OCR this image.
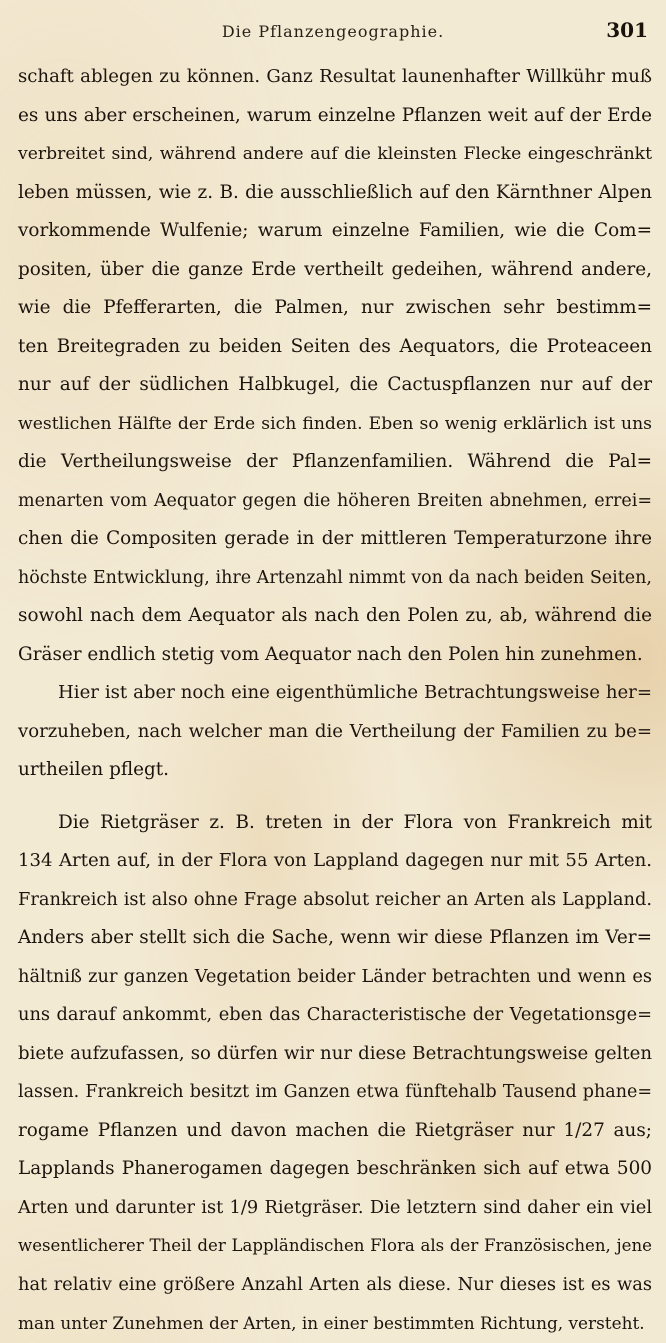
Die Pflanzengeographie.	301
schaft ablegen zu können. Ganz Resultat launenhafter Willkühr muß
es uns aber erscheinen, warum einzelne Pflanzen weit auf der Erde
verbreitet sind, während andere auf die kleinsten Flecke eingeschränkt
leben müssen, wie z. B. die ausschließlich auf den Kärnthner Alpen
vorkommende Wulfenie; warum einzelne Familien, wie die Com=
positen, über die ganze Erde vertheilt gedeihen, während andere,
wie die Pfefferarten, die Palmen, nur zwischen sehr bestimm=
ten Breitegraden zu beiden Seiten des Aequators, die Proteaceen
nur auf der südlichen Halbkugel, die Cactuspflanzen nur auf der
westlichen Hälfte der Erde sich finden. Eben so wenig erklärlich ist uns
die Vertheilungsweise der Pflanzenfamilien. Während die Pal=
menarten vom Aequator gegen die höheren Breiten abnehmen, errei=
chen die Compositen gerade in der mittleren Temperaturzone ihre
höchste Entwicklung, ihre Artenzahl nimmt von da nach beiden Seiten,
sowohl nach dem Aequator als nach den Polen zu, ab, während die
Gräser endlich stetig vom Aequator nach den Polen hin zunehmen.
Hier ist aber noch eine eigenthümliche Betrachtungsweise her=
vorzuheben, nach welcher man die Vertheilung der Familien zu be=
urtheilen pflegt.
Die Rietgräser z. B. treten in der Flora von Frankreich mit
134 Arten auf, in der Flora von Lappland dagegen nur mit 55 Arten.
Frankreich ist also ohne Frage absolut reicher an Arten als Lappland.
Anders aber stellt sich die Sache, wenn wir diese Pflanzen im Ver=
hältniß zur ganzen Vegetation beider Länder betrachten und wenn es
uns darauf ankommt, eben das Characteristische der Vegetationsge=
biete aufzufassen, so dürfen wir nur diese Betrachtungsweise gelten
lassen. Frankreich besitzt im Ganzen etwa fünftehalb Tausend phane=
rogame Pflanzen und davon machen die Rietgräser nur 1/27 aus;
Lapplands Phanerogamen dagegen beschränken sich auf etwa 500
Arten und darunter ist 1/9 Rietgräser. Die letztern sind daher ein viel
wesentlicherer Theil der Lappländischen Flora als der Französischen, jene
hat relativ eine größere Anzahl Arten als diese. Nur dieses ist es was
man unter Zunehmen der Arten, in einer bestimmten Richtung, versteht.
